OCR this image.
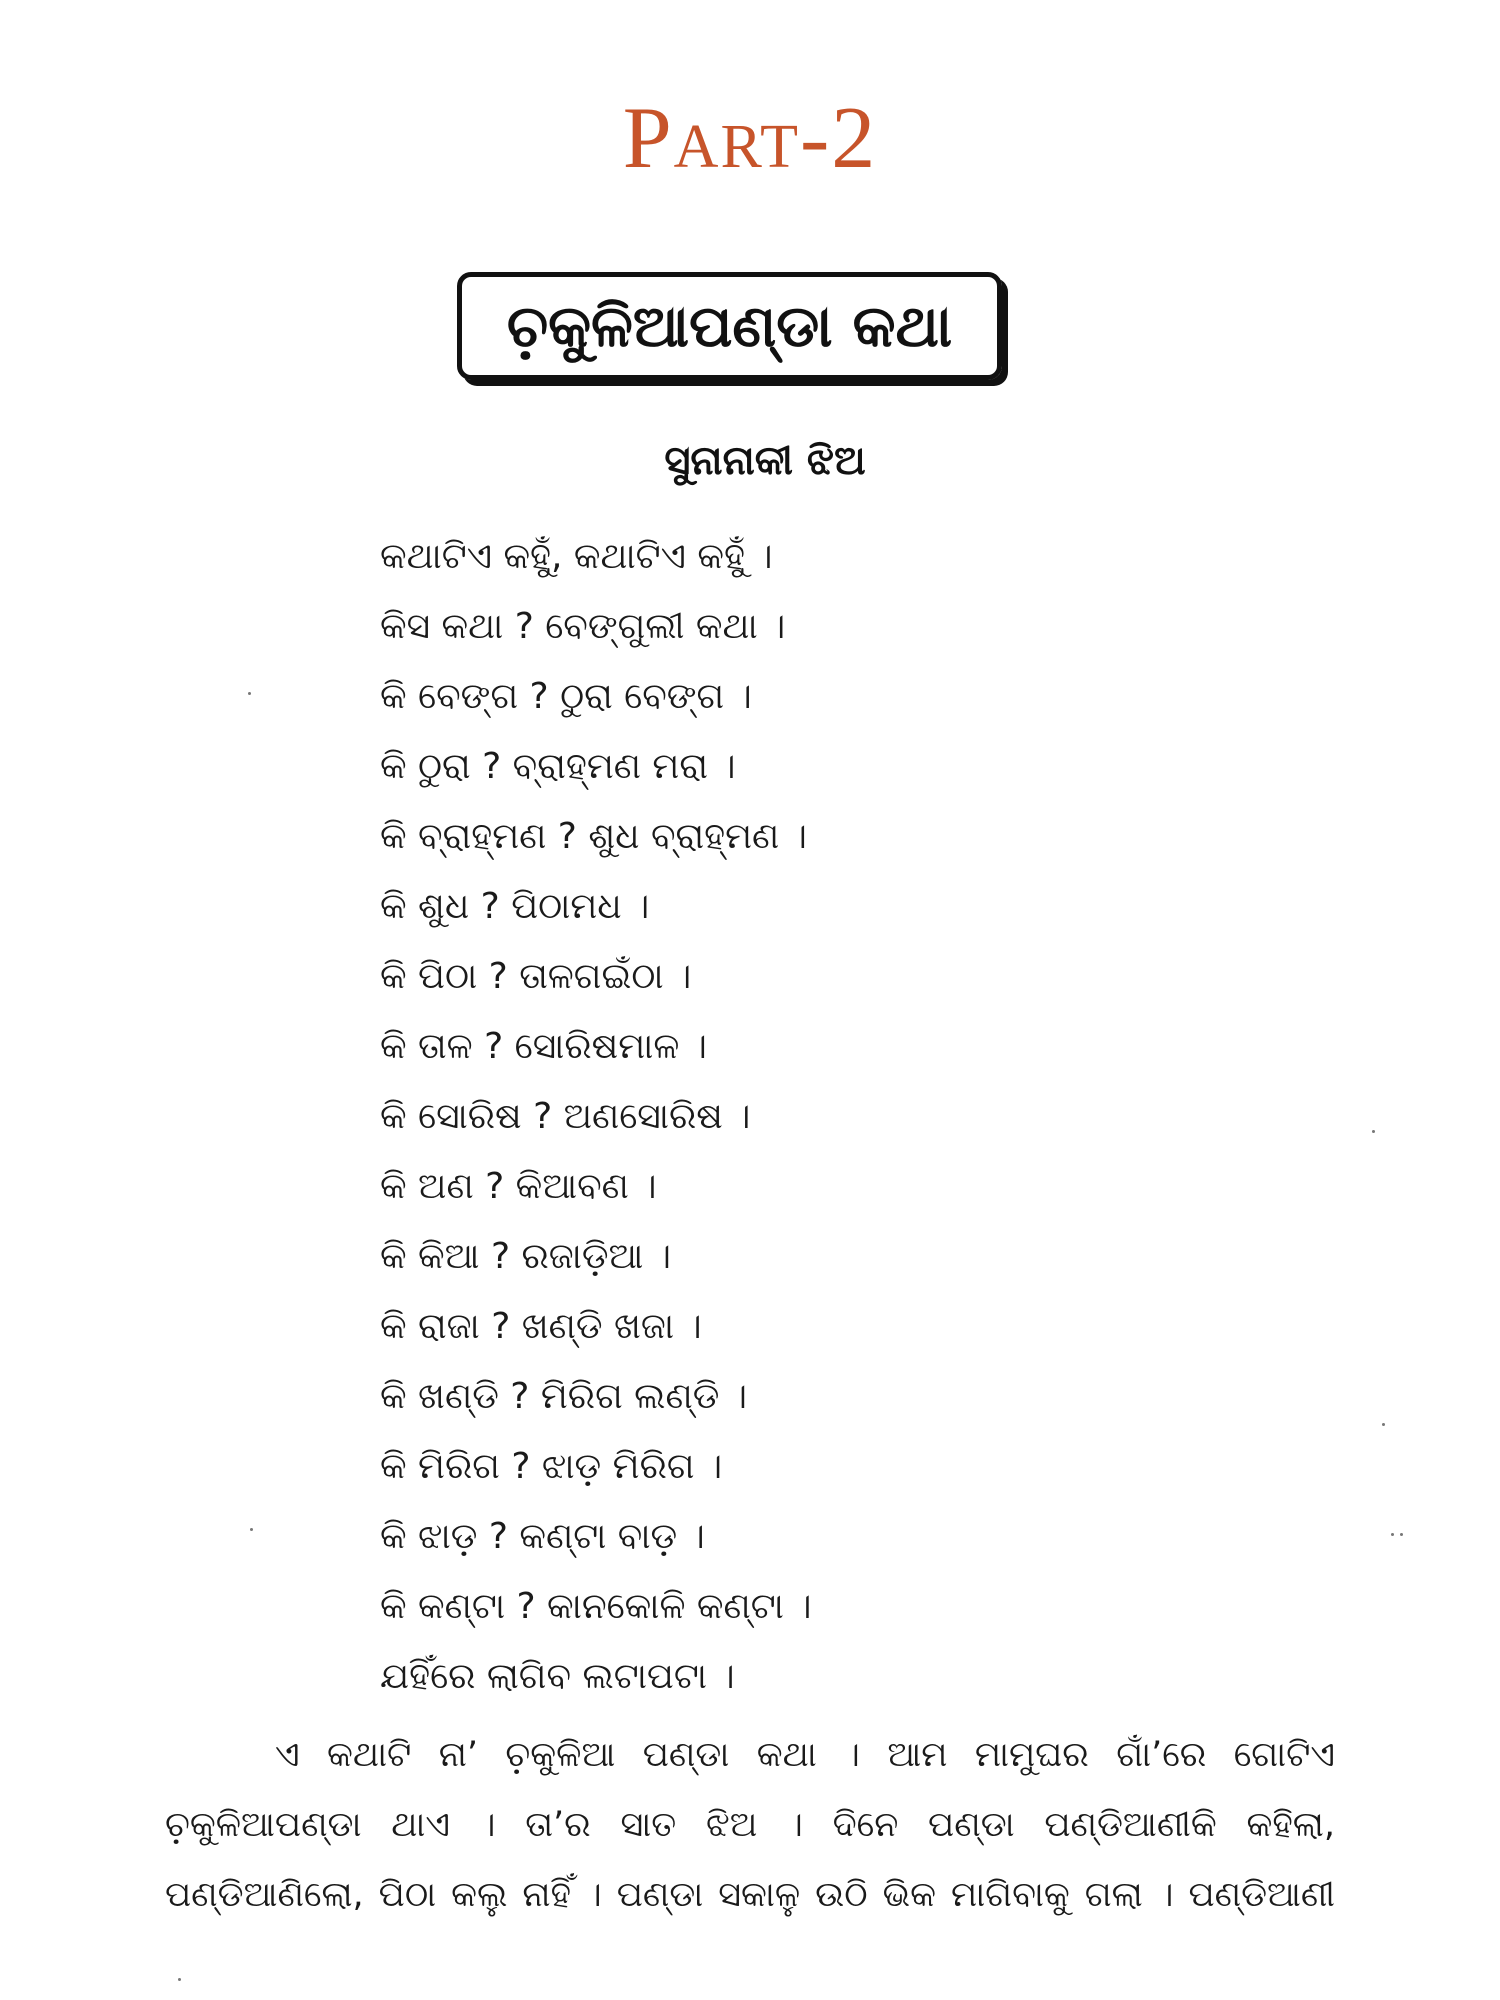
Part-2
ଚ଼କୁଳିଆପଣ୍ଡା କଥା
ସୁନାନାକୀ ଝିଅ
କଥାଟିଏ କହୁଁ, କଥାଟିଏ କହୁଁ ।
କିସ କଥା ? ବେଙ୍ଗୁଲୀ କଥା ।
କି ବେଙ୍ଗ ? ଠୁରା ବେଙ୍ଗ ।
କି ଠୁରା ? ବ୍ରାହ୍ମଣ ମରା ।
କି ବ୍ରାହ୍ମଣ ? ଶୁଧ ବ୍ରାହ୍ମଣ ।
କି ଶୁଧ ? ପିଠାମଧ ।
କି ପିଠା ? ତାଳଗଇଁଠା ।
କି ତାଳ ? ସୋରିଷମାଳ ।
କି ସୋରିଷ ? ଅଣସୋରିଷ ।
କି ଅଣ ? କିଆବଣ ।
କି କିଆ ? ରଜାଡ଼ିଆ ।
କି ରାଜା ? ଖଣ୍ଡି ଖଜା ।
କି ଖଣ୍ଡି ? ମିରିଗ ଲଣ୍ଡି ।
କି ମିରିଗ ? ଝାଡ଼ ମିରିଗ ।
କି ଝାଡ଼ ? କଣ୍ଟା ବାଡ଼ ।
କି କଣ୍ଟା ? କାନକୋଳି କଣ୍ଟା ।
ଯହିଁରେ ଲାଗିବ ଲଟାପଟା ।
ଏ କଥାଟି ନା’ ଚ଼କୁଳିଆ ପଣ୍ଡା କଥା । ଆମ ମାମୁଘର ଗାଁ’ରେ ଗୋଟିଏ
ଚ଼କୁଳିଆପଣ୍ଡା ଥାଏ । ତା’ର ସାତ ଝିଅ । ଦିନେ ପଣ୍ଡା ପଣ୍ଡିଆଣୀକି କହିଲା,
ପଣ୍ଡିଆଣିଲୋ, ପିଠା କଲୁ ନାହିଁ । ପଣ୍ଡା ସକାଳୁ ଉଠି ଭିକ ମାଗିବାକୁ ଗଲା । ପଣ୍ଡିଆଣୀ
